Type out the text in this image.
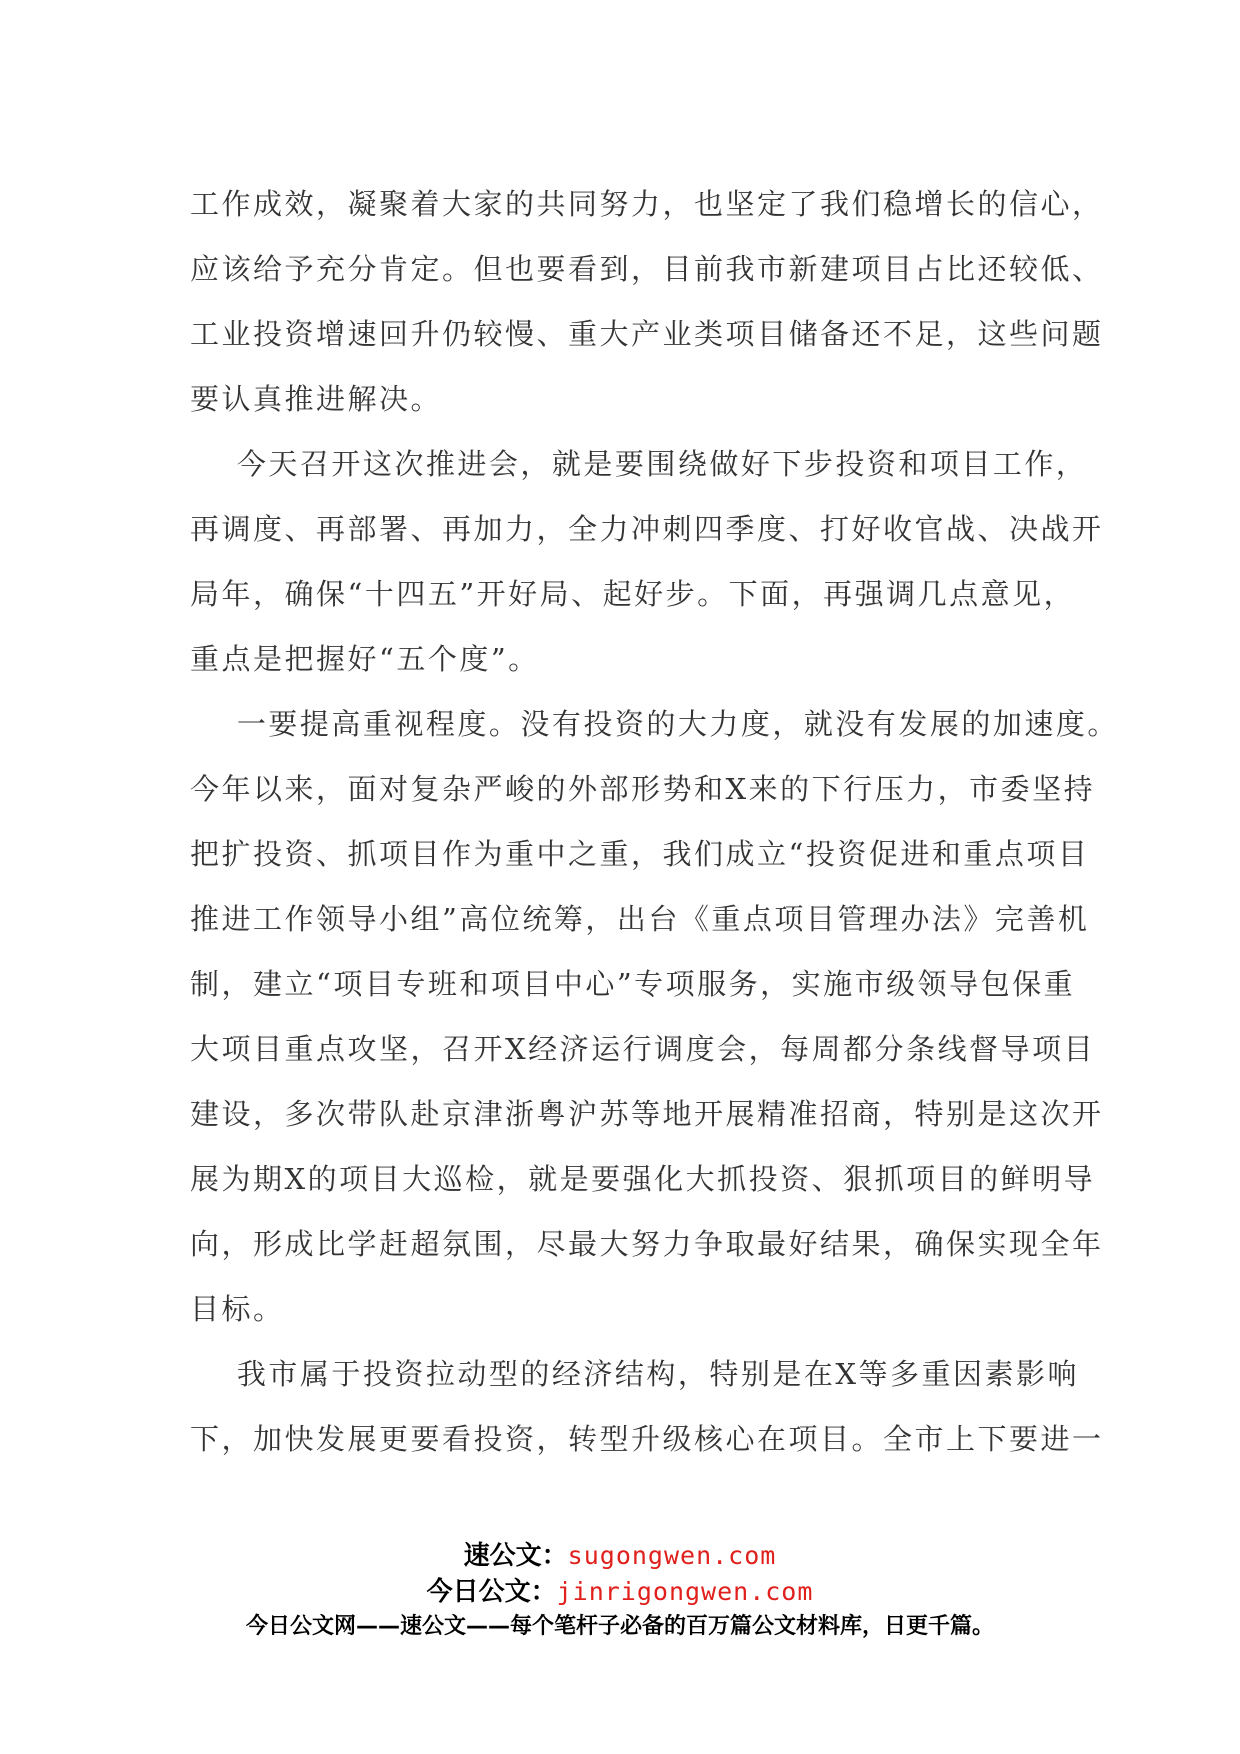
工作成效，凝聚着大家的共同努力，也坚定了我们稳增长的信心，
应该给予充分肯定。但也要看到，目前我市新建项目占比还较低、
工业投资增速回升仍较慢、重大产业类项目储备还不足，这些问题
要认真推进解决。
今天召开这次推进会，就是要围绕做好下步投资和项目工作，
再调度、再部署、再加力，全力冲刺四季度、打好收官战、决战开
局年，确保“十四五”开好局、起好步。下面，再强调几点意见，
重点是把握好“五个度”。
一要提高重视程度。没有投资的大力度，就没有发展的加速度。
今年以来，面对复杂严峻的外部形势和X来的下行压力，市委坚持
把扩投资、抓项目作为重中之重，我们成立“投资促进和重点项目
推进工作领导小组”高位统筹，出台《重点项目管理办法》完善机
制，建立“项目专班和项目中心”专项服务，实施市级领导包保重
大项目重点攻坚，召开X经济运行调度会，每周都分条线督导项目
建设，多次带队赴京津浙粤沪苏等地开展精准招商，特别是这次开
展为期X的项目大巡检，就是要强化大抓投资、狠抓项目的鲜明导
向，形成比学赶超氛围，尽最大努力争取最好结果，确保实现全年
目标。
我市属于投资拉动型的经济结构，特别是在X等多重因素影响
下，加快发展更要看投资，转型升级核心在项目。全市上下要进一
速公文：sugongwen.com
今日公文：jinrigongwen.com
今日公文网——速公文——每个笔杆子必备的百万篇公文材料库，日更千篇。
